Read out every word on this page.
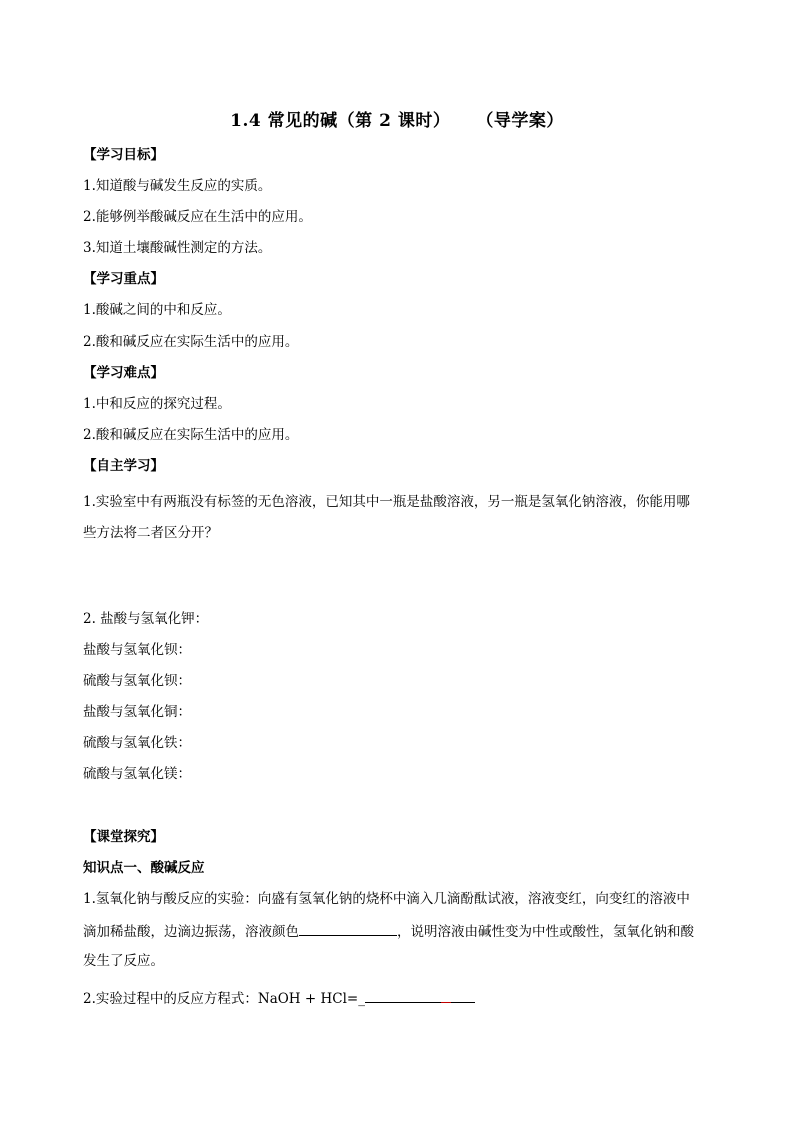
1.4 常见的碱（第 2 课时） （导学案）
【学习目标】
1.知道酸与碱发生反应的实质。
2.能够例举酸碱反应在生活中的应用。
3.知道土壤酸碱性测定的方法。
【学习重点】
1.酸碱之间的中和反应。
2.酸和碱反应在实际生活中的应用。
【学习难点】
1.中和反应的探究过程。
2.酸和碱反应在实际生活中的应用。
【自主学习】
1.实验室中有两瓶没有标签的无色溶液，已知其中一瓶是盐酸溶液，另一瓶是氢氧化钠溶液，你能用哪
些方法将二者区分开？
2. 盐酸与氢氧化钾：
盐酸与氢氧化钡：
硫酸与氢氧化钡：
盐酸与氢氧化铜：
硫酸与氢氧化铁：
硫酸与氢氧化镁：
【课堂探究】
知识点一、酸碱反应
1.氢氧化钠与酸反应的实验：向盛有氢氧化钠的烧杯中滴入几滴酚酞试液，溶液变红，向变红的溶液中
滴加稀盐酸，边滴边振荡，溶液颜色	，说明溶液由碱性变为中性或酸性，氢氧化钠和酸
发生了反应。
2.实验过程中的反应方程式：NaOH + HCl=_
